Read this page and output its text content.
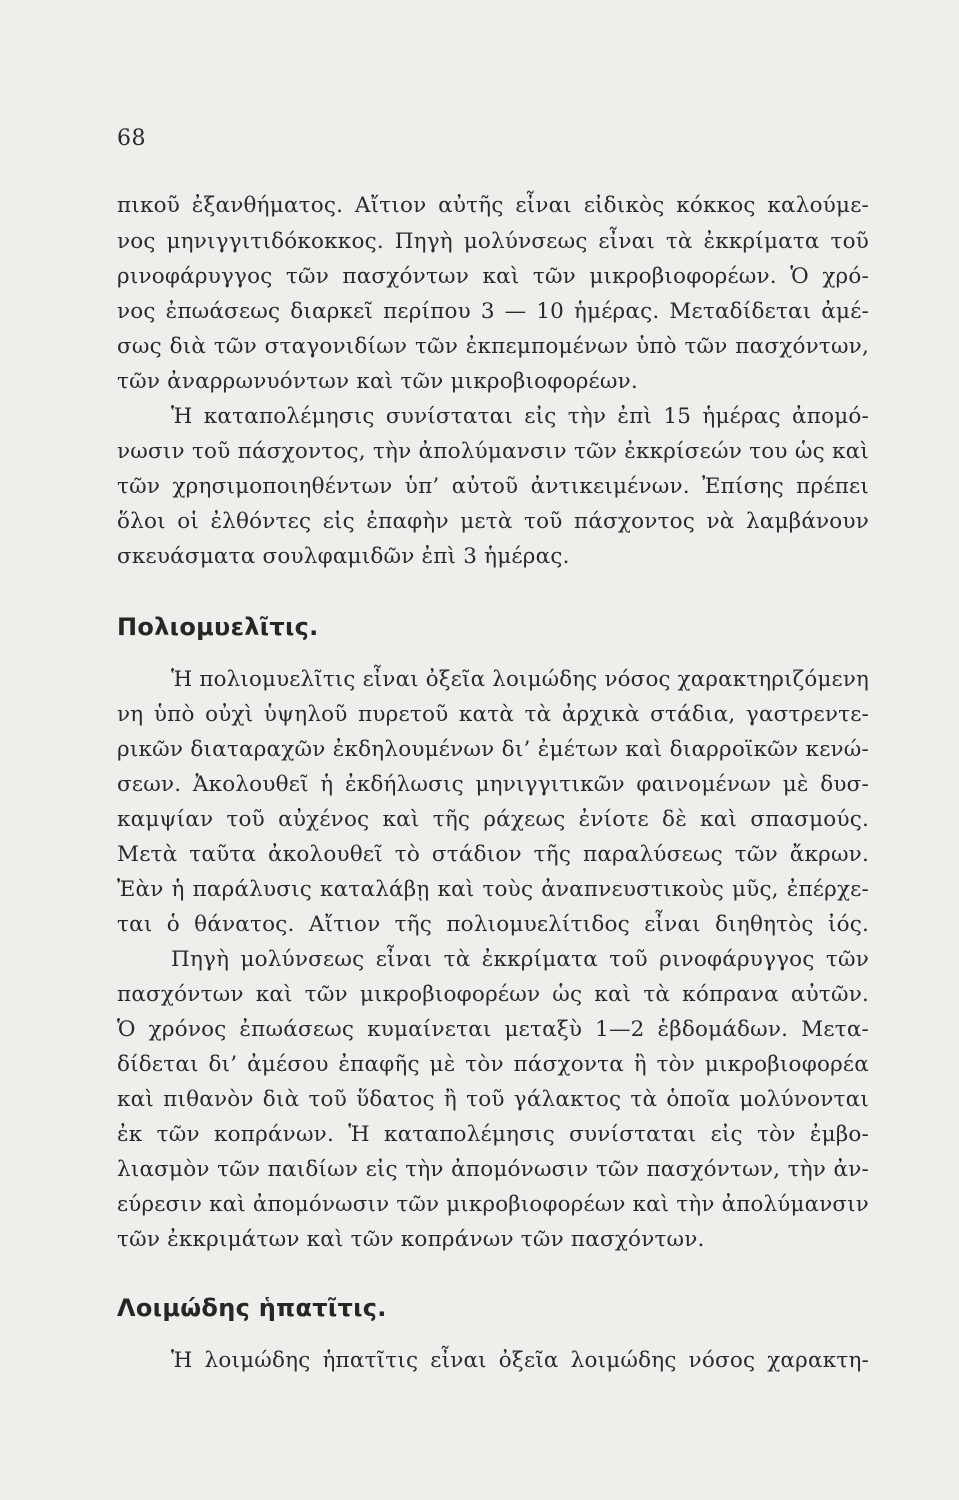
68
πικοῦ ἐξανθήματος. Αἴτιον αὐτῆς εἶναι εἰδικὸς κόκκος καλούμε-
νος μηνιγγιτιδόκοκκος. Πηγὴ μολύνσεως εἶναι τὰ ἐκκρίματα τοῦ
ρινοφάρυγγος τῶν πασχόντων καὶ τῶν μικροβιοφορέων. Ὁ χρό-
νος ἐπωάσεως διαρκεῖ περίπου 3 — 10 ἡμέρας. Μεταδίδεται ἀμέ-
σως διὰ τῶν σταγονιδίων τῶν ἐκπεμπομένων ὑπὸ τῶν πασχόντων,
τῶν ἀναρρωνυόντων καὶ τῶν μικροβιοφορέων.
Ἡ καταπολέμησις συνίσταται εἰς τὴν ἐπὶ 15 ἡμέρας ἀπομό-
νωσιν τοῦ πάσχοντος, τὴν ἀπολύμανσιν τῶν ἐκκρίσεών του ὡς καὶ
τῶν χρησιμοποιηθέντων ὑπ’ αὐτοῦ ἀντικειμένων. Ἐπίσης πρέπει
ὅλοι οἱ ἐλθόντες εἰς ἐπαφὴν μετὰ τοῦ πάσχοντος νὰ λαμβάνουν
σκευάσματα σουλφαμιδῶν ἐπὶ 3 ἡμέρας.
Πολιομυελῖτις.
Ἡ πολιομυελῖτις εἶναι ὀξεῖα λοιμώδης νόσος χαρακτηριζόμενη
νη ὑπὸ οὐχὶ ὑψηλοῦ πυρετοῦ κατὰ τὰ ἀρχικὰ στάδια, γαστρεντε-
ρικῶν διαταραχῶν ἐκδηλουμένων δι’ ἐμέτων καὶ διαρροϊκῶν κενώ-
σεων. Ἀκολουθεῖ ἡ ἐκδήλωσις μηνιγγιτικῶν φαινομένων μὲ δυσ-
καμψίαν τοῦ αὐχένος καὶ τῆς ράχεως ἐνίοτε δὲ καὶ σπασμούς.
Μετὰ ταῦτα ἀκολουθεῖ τὸ στάδιον τῆς παραλύσεως τῶν ἄκρων.
Ἐὰν ἡ παράλυσις καταλάβῃ καὶ τοὺς ἀναπνευστικοὺς μῦς, ἐπέρχε-
ται ὁ θάνατος. Αἴτιον τῆς πολιομυελίτιδος εἶναι διηθητὸς ἰός.
Πηγὴ μολύνσεως εἶναι τὰ ἐκκρίματα τοῦ ρινοφάρυγγος τῶν
πασχόντων καὶ τῶν μικροβιοφορέων ὡς καὶ τὰ κόπρανα αὐτῶν.
Ὁ χρόνος ἐπωάσεως κυμαίνεται μεταξὺ 1—2 ἑβδομάδων. Μετα-
δίδεται δι’ ἀμέσου ἐπαφῆς μὲ τὸν πάσχοντα ἢ τὸν μικροβιοφορέα
καὶ πιθανὸν διὰ τοῦ ὕδατος ἢ τοῦ γάλακτος τὰ ὁποῖα μολύνονται
ἐκ τῶν κοπράνων. Ἡ καταπολέμησις συνίσταται εἰς τὸν ἐμβο-
λιασμὸν τῶν παιδίων εἰς τὴν ἀπομόνωσιν τῶν πασχόντων, τὴν ἀν-
εύρεσιν καὶ ἀπομόνωσιν τῶν μικροβιοφορέων καὶ τὴν ἀπολύμανσιν
τῶν ἐκκριμάτων καὶ τῶν κοπράνων τῶν πασχόντων.
Λοιμώδης ἡπατῖτις.
Ἡ λοιμώδης ἡπατῖτις εἶναι ὀξεῖα λοιμώδης νόσος χαρακτη-
